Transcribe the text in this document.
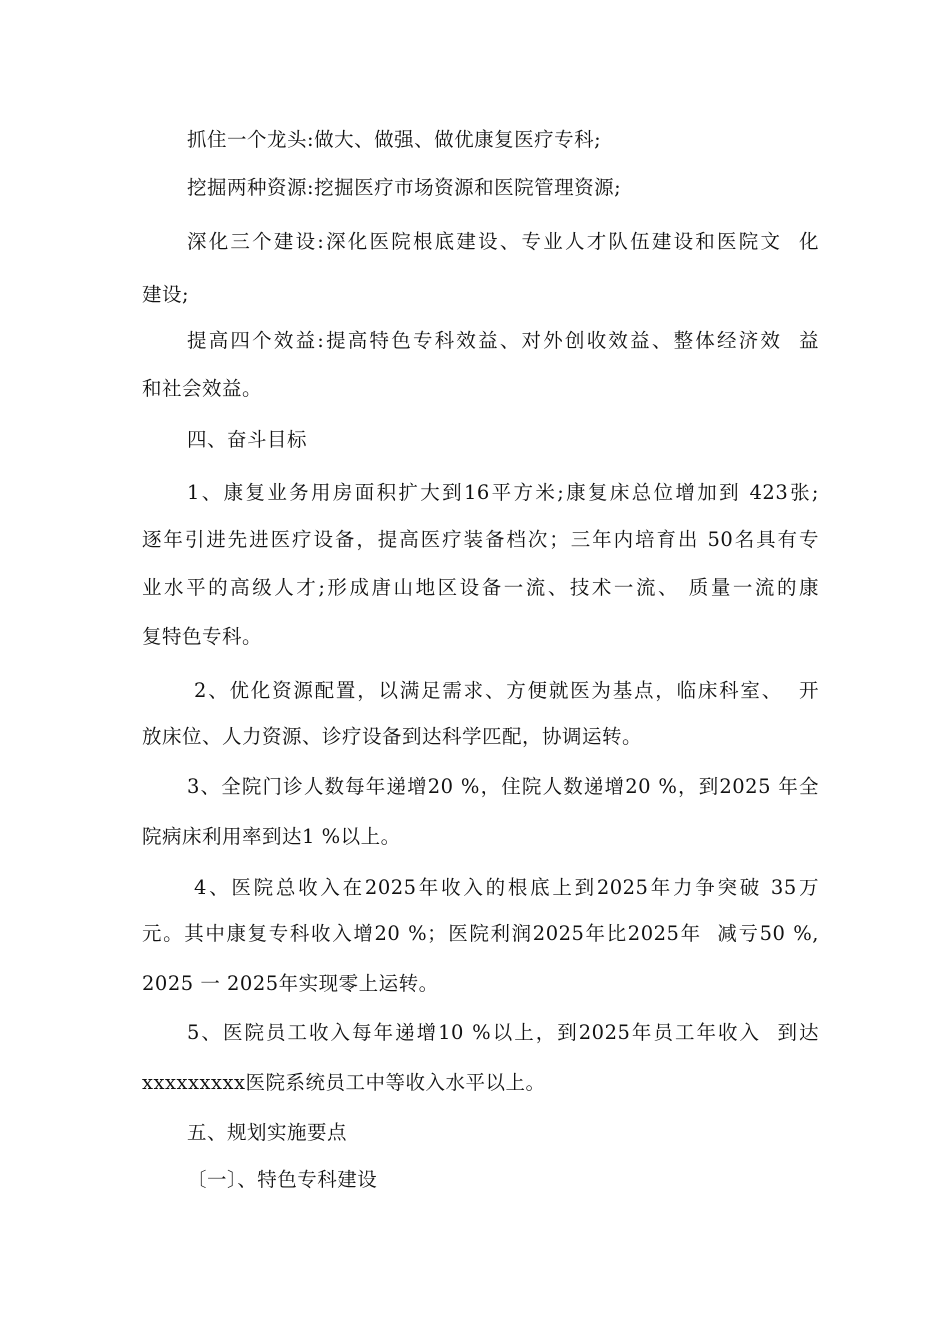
抓住一个龙头:做大、做强、做优康复医疗专科;
挖掘两种资源:挖掘医疗市场资源和医院管理资源;
深化三个建设:深化医院根底建设、专业人才队伍建设和医院文  化
建设;
提高四个效益:提高特色专科效益、对外创收效益、整体经济效  益
和社会效益。
四、奋斗目标
1、康复业务用房面积扩大到16平方米;康复床总位增加到 423张;
逐年引进先进医疗设备，提高医疗装备档次；三年内培育出 50名具有专
业水平的高级人才;形成唐山地区设备一流、技术一流、 质量一流的康
复特色专科。
2、优化资源配置，以满足需求、方便就医为基点，临床科室、  开
放床位、人力资源、诊疗设备到达科学匹配，协调运转。
3、全院门诊人数每年递增20 %，住院人数递增20 %，到2025 年全
院病床利用率到达1 %以上。
4、医院总收入在2025年收入的根底上到2025年力争突破 35万
元。其中康复专科收入增20 %；医院利润2025年比2025年  减亏50 %,
2025 一 2025年实现零上运转。
5、医院员工收入每年递增10 %以上，到2025年员工年收入  到达
xxxxxxxxx医院系统员工中等收入水平以上。
五、规划实施要点
〔一〕、特色专科建设
